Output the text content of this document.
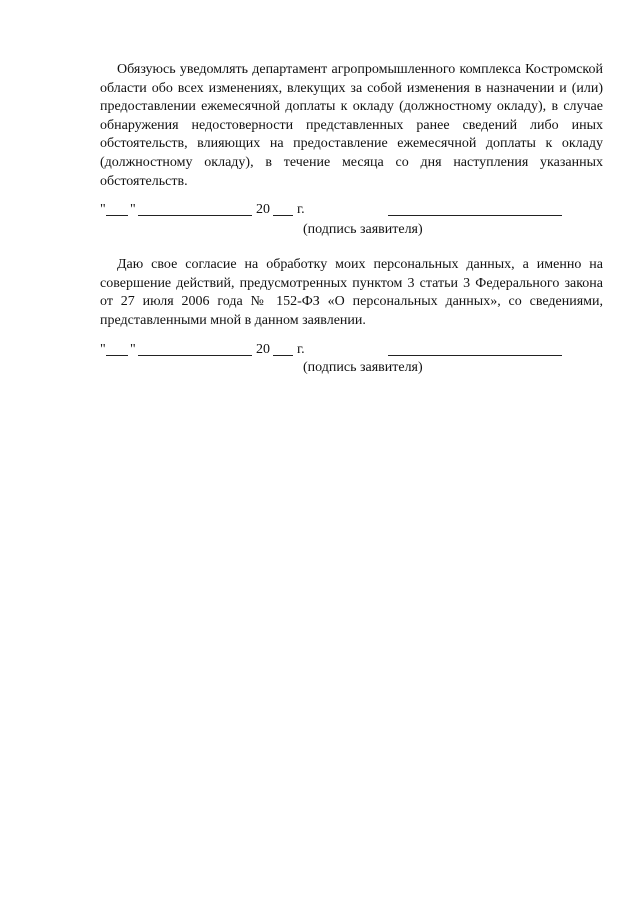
Обязуюсь уведомлять департамент агропромышленного комплекса Костромской области обо всех изменениях, влекущих за собой изменения в назначении и (или) предоставлении ежемесячной доплаты к окладу (должностному окладу), в случае обнаружения недостоверности представленных ранее сведений либо иных обстоятельств, влияющих на предоставление ежемесячной доплаты к окладу (должностному окладу), в течение месяца со дня наступления указанных обстоятельств.

" "	20 г.
(подпись заявителя)

Даю свое согласие на обработку моих персональных данных, а именно на совершение действий, предусмотренных пунктом 3 статьи 3 Федерального закона от 27 июля 2006 года № 152-ФЗ «О персональных данных», со сведениями, представленными мной в данном заявлении.

" "	20 г.
(подпись заявителя)
